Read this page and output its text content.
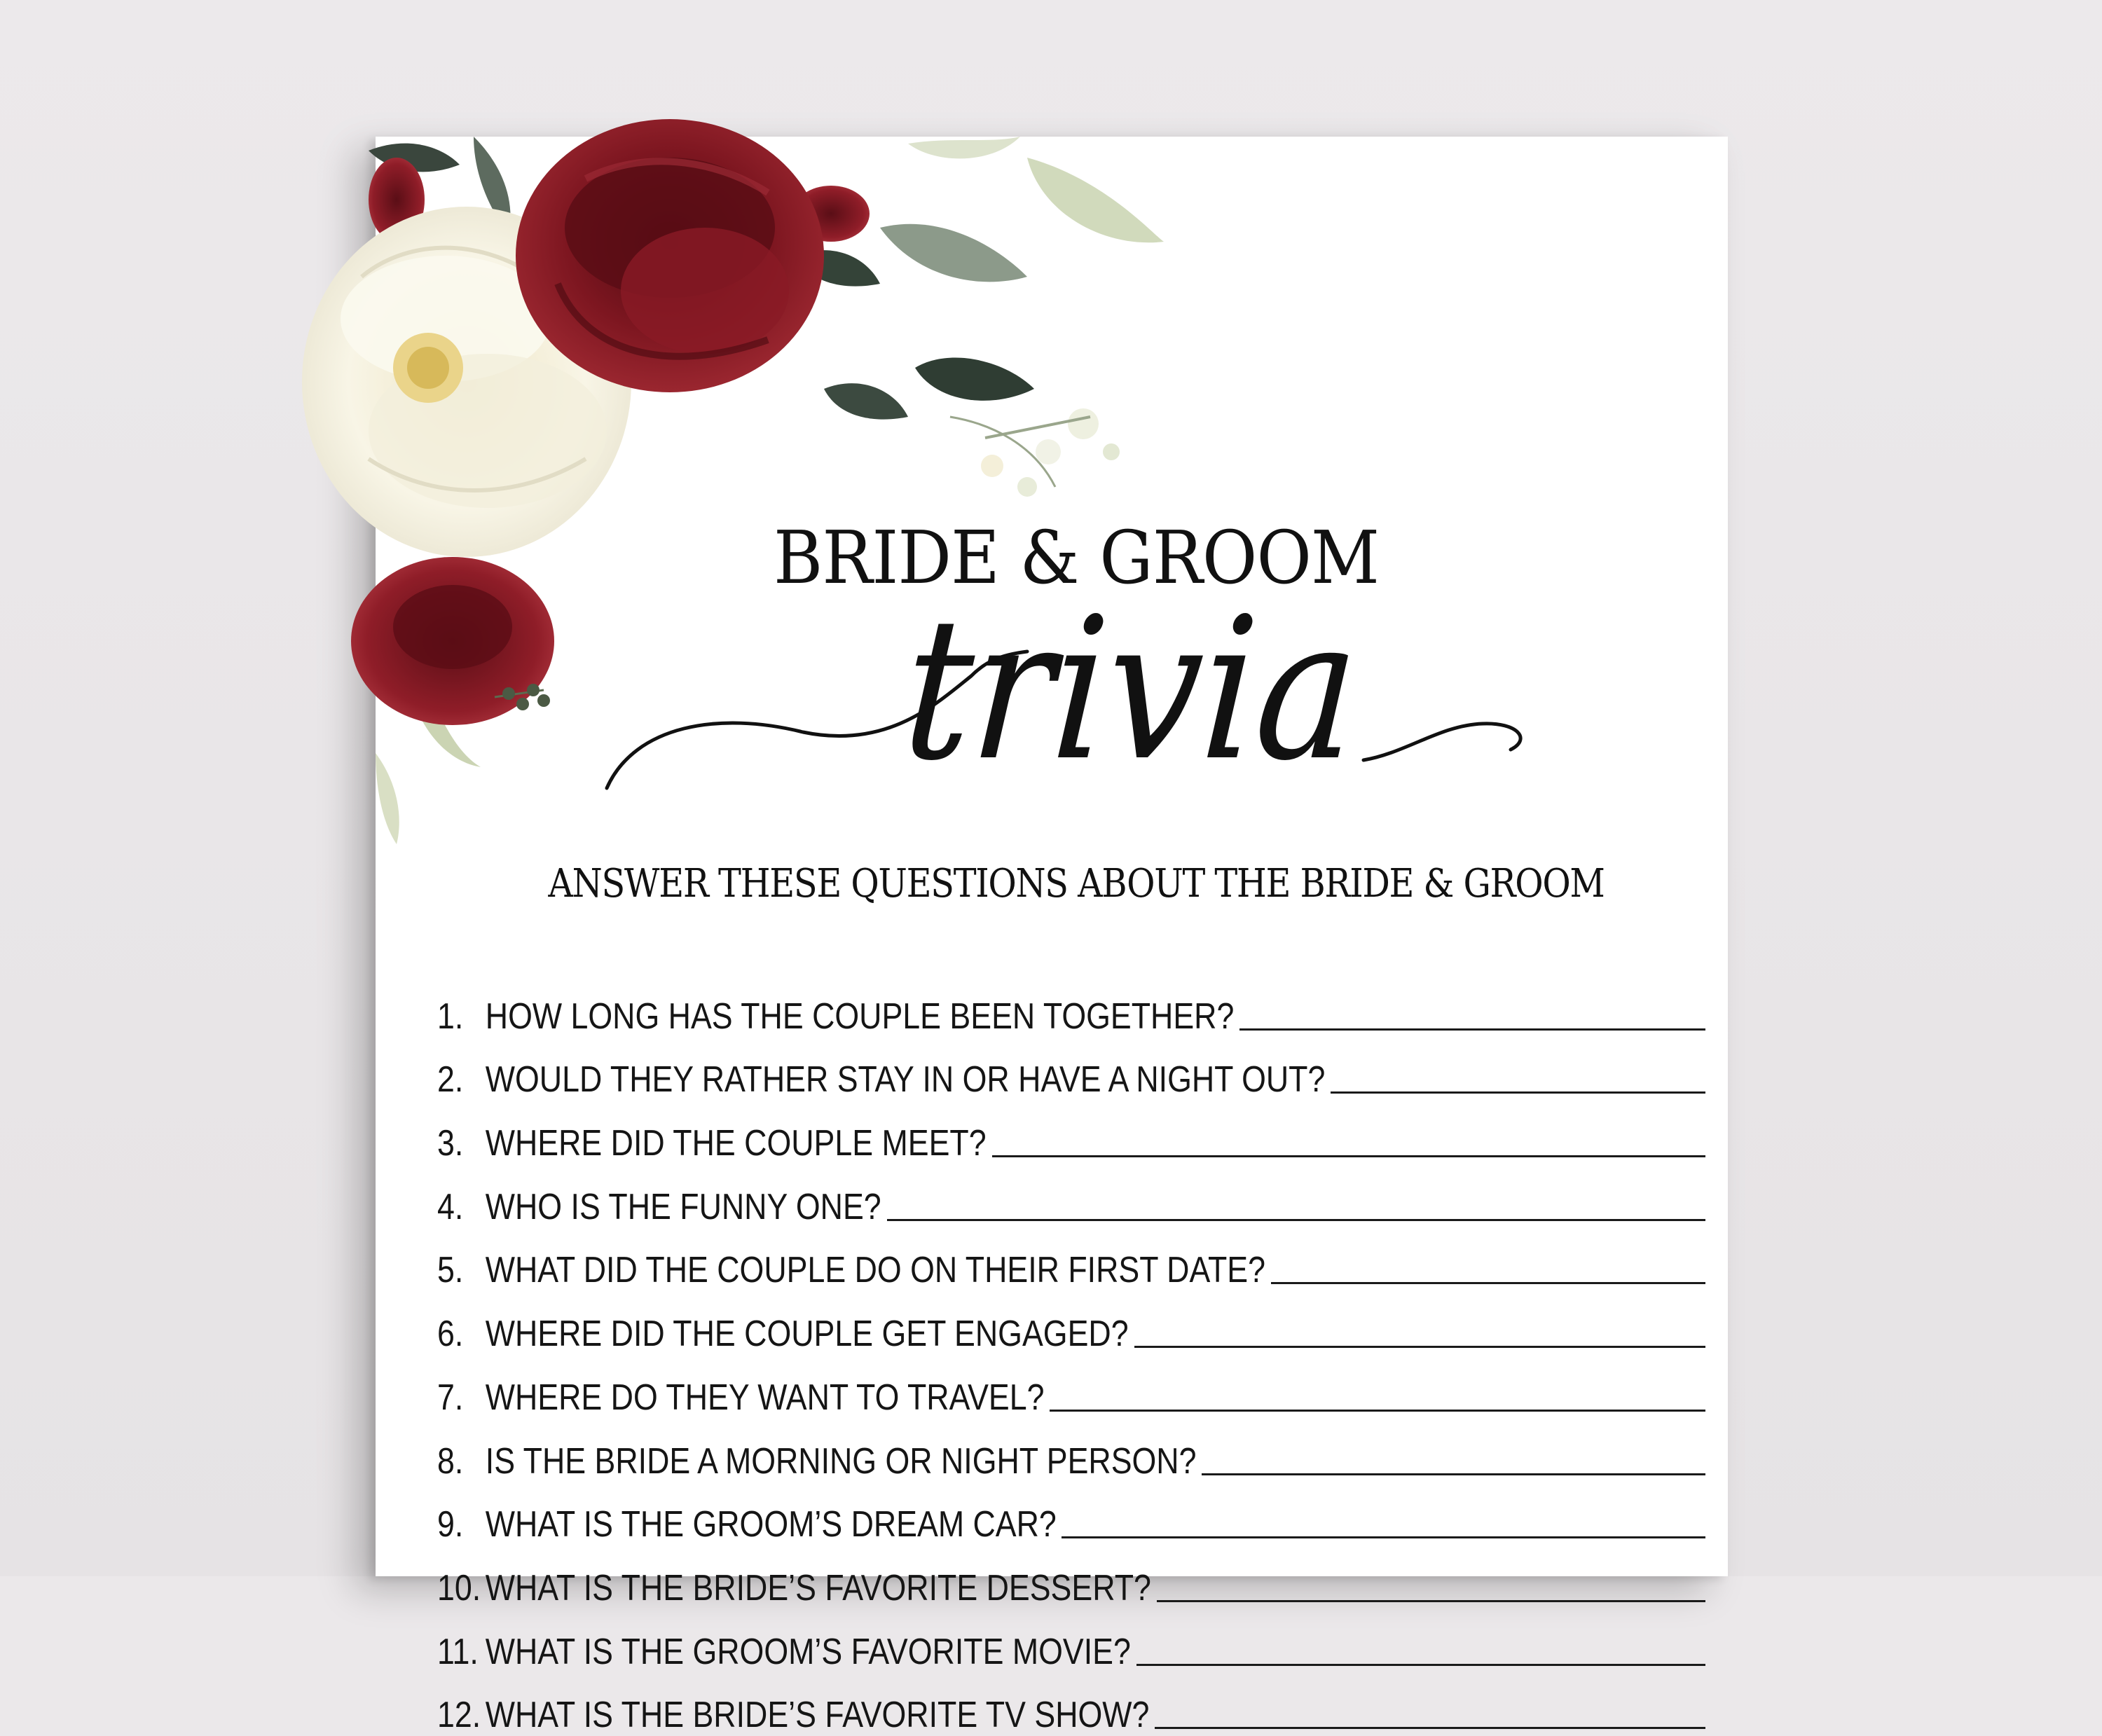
BRIDE & GROOM
trivia
ANSWER THESE QUESTIONS ABOUT THE BRIDE & GROOM
1. HOW LONG HAS THE COUPLE BEEN TOGETHER?
2. WOULD THEY RATHER STAY IN OR HAVE A NIGHT OUT?
3. WHERE DID THE COUPLE MEET?
4. WHO IS THE FUNNY ONE?
5. WHAT DID THE COUPLE DO ON THEIR FIRST DATE?
6. WHERE DID THE COUPLE GET ENGAGED?
7. WHERE DO THEY WANT TO TRAVEL?
8. IS THE BRIDE A MORNING OR NIGHT PERSON?
9. WHAT IS THE GROOM’S DREAM CAR?
10. WHAT IS THE BRIDE’S FAVORITE DESSERT?
11. WHAT IS THE GROOM’S FAVORITE MOVIE?
12. WHAT IS THE BRIDE’S FAVORITE TV SHOW?
